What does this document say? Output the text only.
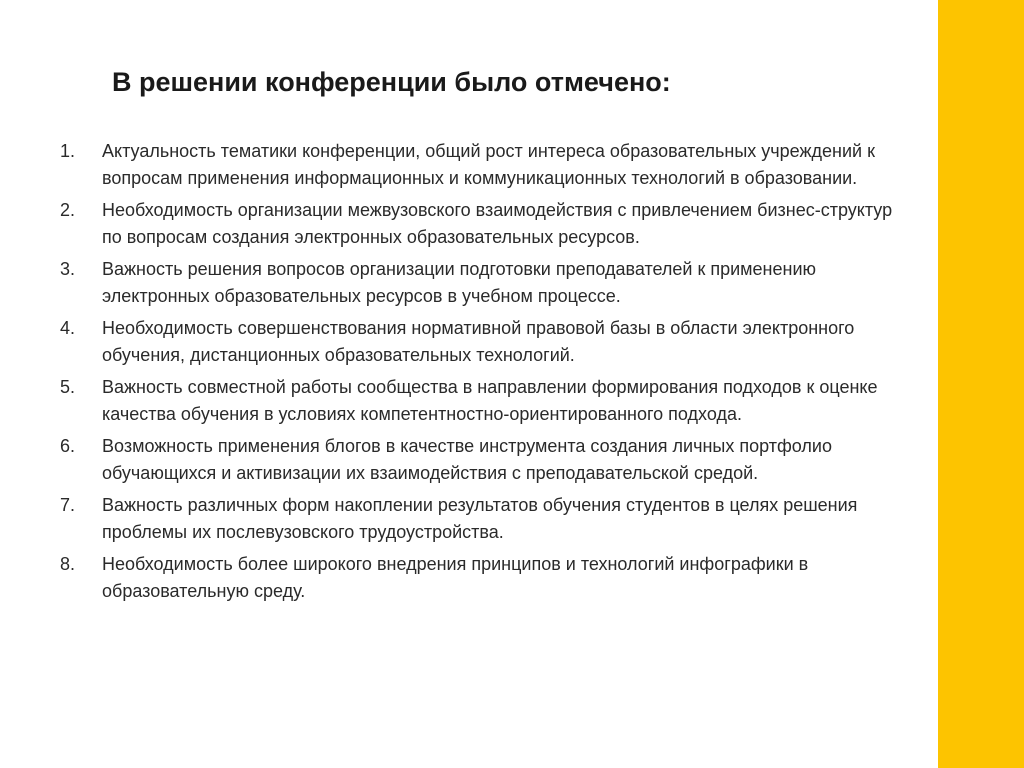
В решении конференции было отмечено:
1.	Актуальность тематики конференции, общий рост интереса образовательных учреждений к вопросам применения информационных и коммуникационных технологий в образовании.
2.	Необходимость организации межвузовского взаимодействия с привлечением бизнес-структур по вопросам создания электронных образовательных ресурсов.
3.	Важность решения вопросов организации подготовки преподавателей к применению электронных образовательных ресурсов в учебном процессе.
4.	Необходимость совершенствования нормативной правовой базы в области электронного обучения, дистанционных образовательных технологий.
5.	Важность совместной работы сообщества в направлении формирования подходов к оценке качества обучения в условиях компетентностно-ориентированного подхода.
6.	Возможность применения блогов в качестве инструмента создания личных портфолио обучающихся и активизации их взаимодействия с преподавательской средой.
7.	Важность различных форм накоплении результатов обучения студентов в целях решения проблемы их послевузовского трудоустройства.
8.	Необходимость более широкого внедрения принципов и технологий инфографики в образовательную среду.
